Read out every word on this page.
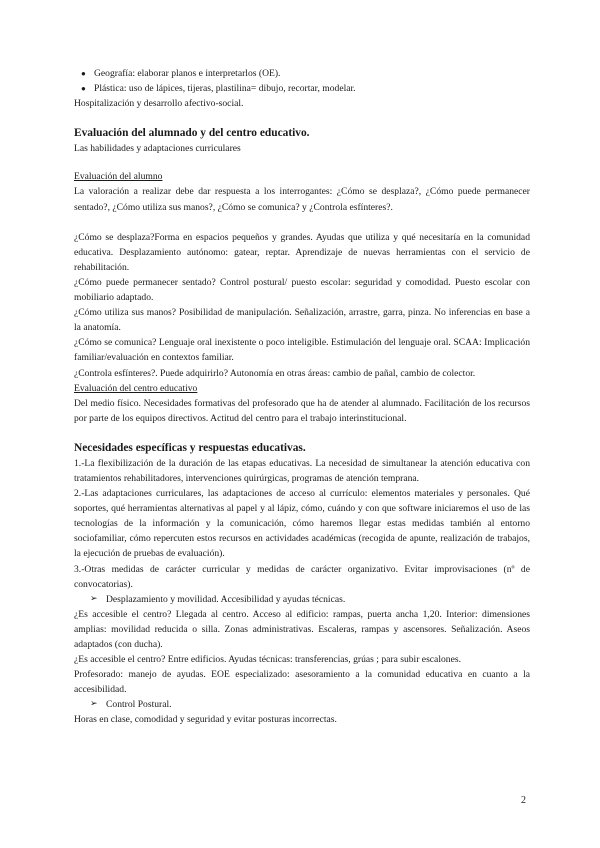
● Geografía: elaborar planos e interpretarlos (OE).

● Plástica: uso de lápices, tijeras, plastilina= dibujo, recortar, modelar.

Hospitalización y desarrollo afectivo-social.

Evaluación del alumnado y del centro educativo.

Las habilidades y adaptaciones curriculares

Evaluación del alumno

La valoración a realizar debe dar respuesta a los interrogantes: ¿Cómo se desplaza?, ¿Cómo puede permanecer sentado?, ¿Cómo utiliza sus manos?, ¿Cómo se comunica? y ¿Controla esfínteres?.

¿Cómo se desplaza?Forma en espacios pequeños y grandes. Ayudas que utiliza y qué necesitaría en la comunidad educativa. Desplazamiento autónomo: gatear, reptar. Aprendizaje de nuevas herramientas con el servicio de rehabilitación.

¿Cómo puede permanecer sentado? Control postural/ puesto escolar: seguridad y comodidad. Puesto escolar con mobiliario adaptado.

¿Cómo utiliza sus manos? Posibilidad de manipulación. Señalización, arrastre, garra, pinza. No inferencias en base a la anatomía.

¿Cómo se comunica? Lenguaje oral inexistente o poco inteligible. Estimulación del lenguaje oral. SCAA: Implicación familiar/evaluación en contextos familiar.

¿Controla esfínteres?. Puede adquirirlo? Autonomía en otras áreas: cambio de pañal, cambio de colector.

Evaluación del centro educativo

Del medio físico. Necesidades formativas del profesorado que ha de atender al alumnado. Facilitación de los recursos por parte de los equipos directivos. Actitud del centro para el trabajo interinstitucional.

Necesidades específicas y respuestas educativas.

1.-La flexibilización de la duración de las etapas educativas. La necesidad de simultanear la atención educativa con tratamientos rehabilitadores, intervenciones quirúrgicas, programas de atención temprana.

2.-Las adaptaciones curriculares, las adaptaciones de acceso al currículo: elementos materiales y personales. Qué soportes, qué herramientas alternativas al papel y al lápiz, cómo, cuándo y con que software iniciaremos el uso de las tecnologías de la información y la comunicación, cómo haremos llegar estas medidas también al entorno sociofamiliar, cómo repercuten estos recursos en actividades académicas (recogida de apunte, realización de trabajos, la ejecución de pruebas de evaluación).

3.-Otras medidas de carácter curricular y medidas de carácter organizativo. Evitar improvisaciones (nº de convocatorias).

➢ Desplazamiento y movilidad. Accesibilidad y ayudas técnicas.

¿Es accesible el centro? Llegada al centro. Acceso al edificio: rampas, puerta ancha 1,20. Interior: dimensiones amplias: movilidad reducida o silla. Zonas administrativas. Escaleras, rampas y ascensores. Señalización. Aseos adaptados (con ducha).

¿Es accesible el centro? Entre edificios. Ayudas técnicas: transferencias, grúas ; para subir escalones.

Profesorado: manejo de ayudas. EOE especializado: asesoramiento a la comunidad educativa en cuanto a la accesibilidad.

➢ Control Postural.

Horas en clase, comodidad y seguridad y evitar posturas incorrectas.

2
